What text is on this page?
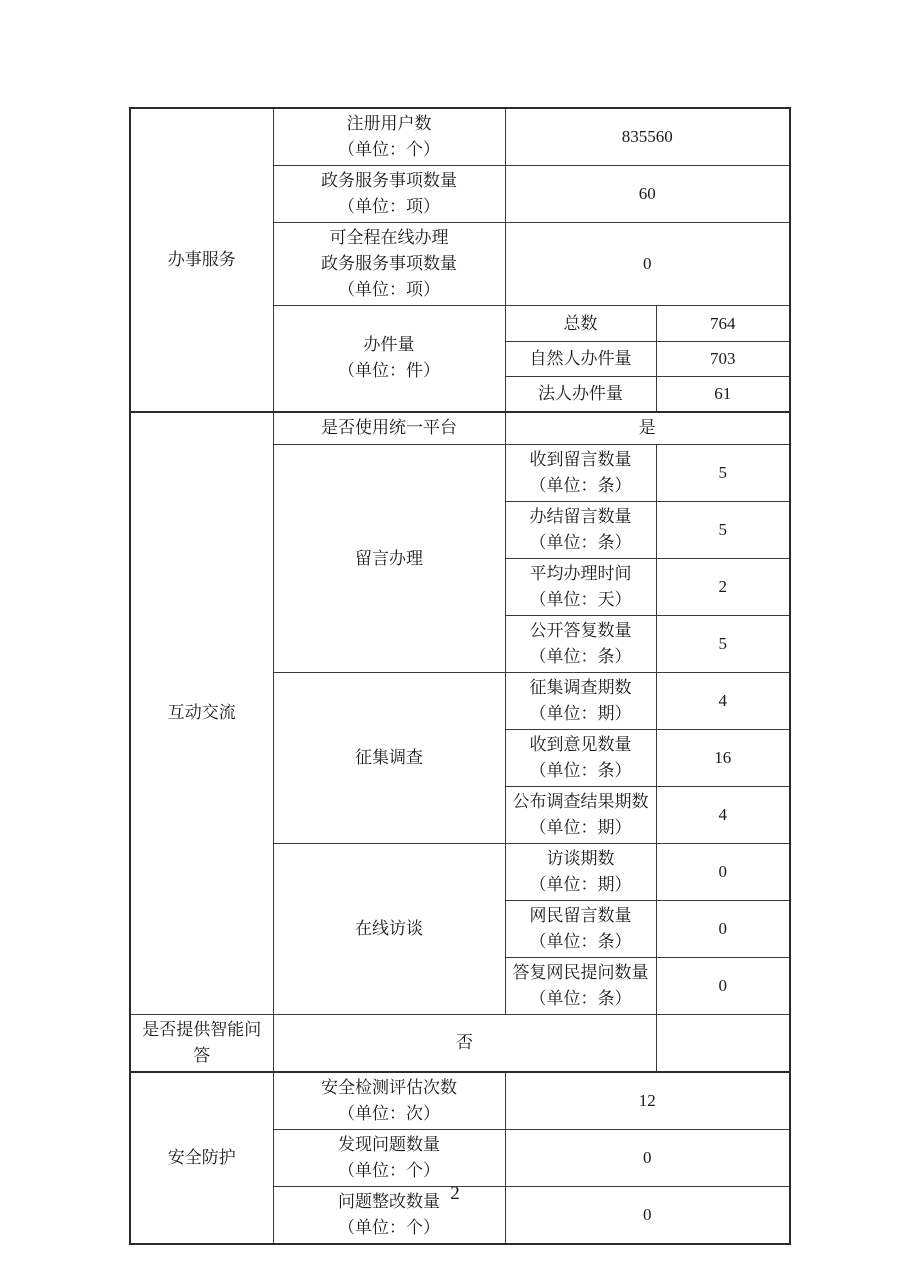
办事服务	注册用户数
（单位：个）	835560	

	政务服务事项数量
（单位：项）	60	

	可全程在线办理
政务服务事项数量
（单位：项）	0	

	办件量
（单位：件）	总数	764

		自然人办件量	703

		法人办件量	61

互动交流	是否使用统一平台	是	

	留言办理	收到留言数量
（单位：条）	5

		办结留言数量
（单位：条）	5

		平均办理时间
（单位：天）	2

		公开答复数量
（单位：条）	5

	征集调查	征集调查期数
（单位：期）	4

		收到意见数量
（单位：条）	16

		公布调查结果期数
（单位：期）	4

	在线访谈	访谈期数
（单位：期）	0

		网民留言数量
（单位：条）	0

		答复网民提问数量
（单位：条）	0

是否提供智能问答	否		

安全防护	安全检测评估次数
（单位：次）	12	

	发现问题数量
（单位：个）	0	

	问题整改数量
（单位：个）	0	
2
